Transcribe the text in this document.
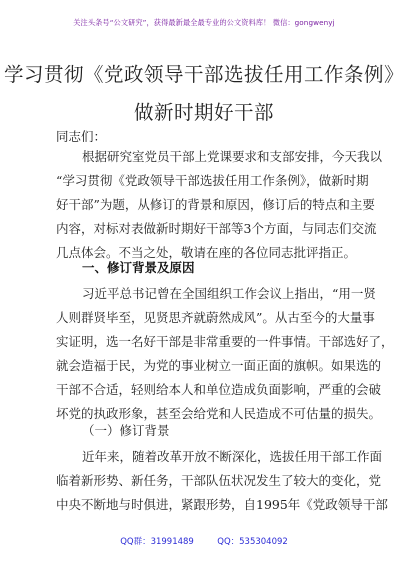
关注头条号“公文研究”，获得最新最全最专业的公文资料库！ 微信：gongwenyj
学习贯彻《党政领导干部选拔任用工作条例》
做新时期好干部
同志们：
根据研究室党员干部上党课要求和支部安排，今天我以
“学习贯彻《党政领导干部选拔任用工作条例》，做新时期
好干部”为题，从修订的背景和原因，修订后的特点和主要
内容，对标对表做新时期好干部等3个方面，与同志们交流
几点体会。不当之处，敬请在座的各位同志批评指正。
一、修订背景及原因
习近平总书记曾在全国组织工作会议上指出，“用一贤
人则群贤毕至，见贤思齐就蔚然成风”。从古至今的大量事
实证明，选一名好干部是非常重要的一件事情。干部选好了，
就会造福于民，为党的事业树立一面正面的旗帜。如果选的
干部不合适，轻则给本人和单位造成负面影响，严重的会破
坏党的执政形象，甚至会给党和人民造成不可估量的损失。
（一）修订背景
近年来，随着改革开放不断深化，选拔任用干部工作面
临着新形势、新任务，干部队伍状况发生了较大的变化，党
中央不断地与时俱进，紧跟形势，自1995年《党政领导干部
QQ群：31991489	QQ：535304092
